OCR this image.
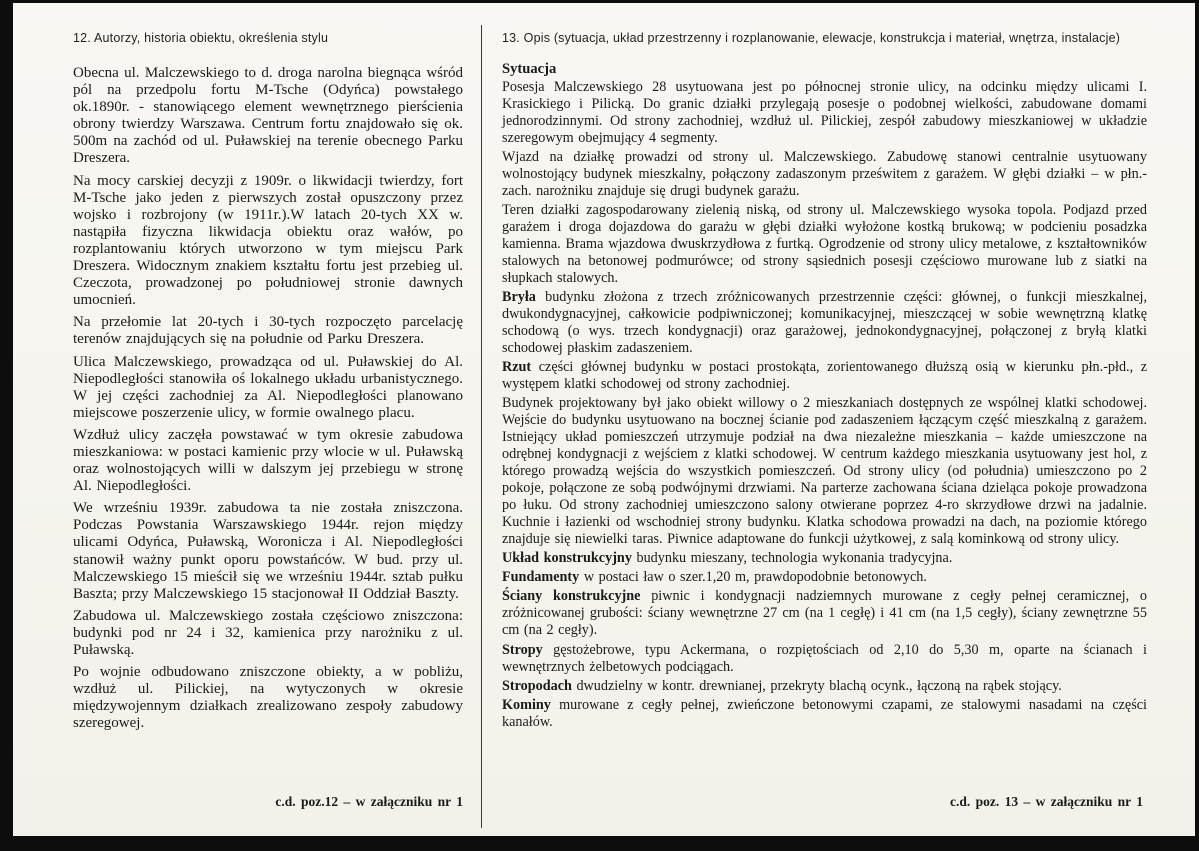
12. Autorzy, historia obiektu, określenia stylu

Obecna ul. Malczewskiego to d. droga narolna biegnąca wśród pól na przedpolu fortu M-Tsche (Odyńca) powstałego ok.1890r. - stanowiącego element wewnętrznego pierścienia obrony twierdzy Warszawa. Centrum fortu znajdowało się ok. 500m na zachód od ul. Puławskiej na terenie obecnego Parku Dreszera.

Na mocy carskiej decyzji z 1909r. o likwidacji twierdzy, fort M-Tsche jako jeden z pierwszych został opuszczony przez wojsko i rozbrojony (w 1911r.).W latach 20-tych XX w. nastąpiła fizyczna likwidacja obiektu oraz wałów, po rozplantowaniu których utworzono w tym miejscu Park Dreszera. Widocznym znakiem kształtu fortu jest przebieg ul. Czeczota, prowadzonej po południowej stronie dawnych umocnień.

Na przełomie lat 20-tych i 30-tych rozpoczęto parcelację terenów znajdujących się na południe od Parku Dreszera.

Ulica Malczewskiego, prowadząca od ul. Puławskiej do Al. Niepodległości stanowiła oś lokalnego układu urbanistycznego. W jej części zachodniej za Al. Niepodległości planowano miejscowe poszerzenie ulicy, w formie owalnego placu.

Wzdłuż ulicy zaczęła powstawać w tym okresie zabudowa mieszkaniowa: w postaci kamienic przy wlocie w ul. Puławską oraz wolnostojących willi w dalszym jej przebiegu w stronę Al. Niepodległości.

We wrześniu 1939r. zabudowa ta nie została zniszczona. Podczas Powstania Warszawskiego 1944r. rejon między ulicami Odyńca, Puławską, Woronicza i Al. Niepodległości stanowił ważny punkt oporu powstańców. W bud. przy ul. Malczewskiego 15 mieścił się we wrześniu 1944r. sztab pułku Baszta; przy Malczewskiego 15 stacjonował II Oddział Baszty.

Zabudowa ul. Malczewskiego została częściowo zniszczona: budynki pod nr 24 i 32, kamienica przy narożniku z ul. Puławską.

Po wojnie odbudowano zniszczone obiekty, a w pobliżu, wzdłuż ul. Pilickiej, na wytyczonych w okresie międzywojennym działkach zrealizowano zespoły zabudowy szeregowej.

c.d. poz.12 – w załączniku nr 1

13. Opis (sytuacja, układ przestrzenny i rozplanowanie, elewacje, konstrukcja i materiał, wnętrza, instalacje)

Sytuacja

Posesja Malczewskiego 28 usytuowana jest po północnej stronie ulicy, na odcinku między ulicami I. Krasickiego i Pilicką. Do granic działki przylegają posesje o podobnej wielkości, zabudowane domami jednorodzinnymi. Od strony zachodniej, wzdłuż ul. Pilickiej, zespół zabudowy mieszkaniowej w układzie szeregowym obejmujący 4 segmenty.

Wjazd na działkę prowadzi od strony ul. Malczewskiego. Zabudowę stanowi centralnie usytuowany wolnostojący budynek mieszkalny, połączony zadaszonym prześwitem z garażem. W głębi działki – w płn.-zach. narożniku znajduje się drugi budynek garażu.

Teren działki zagospodarowany zielenią niską, od strony ul. Malczewskiego wysoka topola. Podjazd przed garażem i droga dojazdowa do garażu w głębi działki wyłożone kostką brukową; w podcieniu posadzka kamienna. Brama wjazdowa dwuskrzydłowa z furtką. Ogrodzenie od strony ulicy metalowe, z kształtowników stalowych na betonowej podmurówce; od strony sąsiednich posesji częściowo murowane lub z siatki na słupkach stalowych.

Bryła budynku złożona z trzech zróżnicowanych przestrzennie części: głównej, o funkcji mieszkalnej, dwukondygnacyjnej, całkowicie podpiwniczonej; komunikacyjnej, mieszczącej w sobie wewnętrzną klatkę schodową (o wys. trzech kondygnacji) oraz garażowej, jednokondygnacyjnej, połączonej z bryłą klatki schodowej płaskim zadaszeniem.

Rzut części głównej budynku w postaci prostokąta, zorientowanego dłuższą osią w kierunku płn.-płd., z występem klatki schodowej od strony zachodniej.

Budynek projektowany był jako obiekt willowy o 2 mieszkaniach dostępnych ze wspólnej klatki schodowej. Wejście do budynku usytuowano na bocznej ścianie pod zadaszeniem łączącym część mieszkalną z garażem. Istniejący układ pomieszczeń utrzymuje podział na dwa niezależne mieszkania – każde umieszczone na odrębnej kondygnacji z wejściem z klatki schodowej. W centrum każdego mieszkania usytuowany jest hol, z którego prowadzą wejścia do wszystkich pomieszczeń. Od strony ulicy (od południa) umieszczono po 2 pokoje, połączone ze sobą podwójnymi drzwiami. Na parterze zachowana ściana dzieląca pokoje prowadzona po łuku. Od strony zachodniej umieszczono salony otwierane poprzez 4-ro skrzydłowe drzwi na jadalnie. Kuchnie i łazienki od wschodniej strony budynku. Klatka schodowa prowadzi na dach, na poziomie którego znajduje się niewielki taras. Piwnice adaptowane do funkcji użytkowej, z salą kominkową od strony ulicy.

Układ konstrukcyjny budynku mieszany, technologia wykonania tradycyjna.

Fundamenty w postaci ław o szer.1,20 m, prawdopodobnie betonowych.

Ściany konstrukcyjne piwnic i kondygnacji nadziemnych murowane z cegły pełnej ceramicznej, o zróżnicowanej grubości: ściany wewnętrzne 27 cm (na 1 cegłę) i 41 cm (na 1,5 cegły), ściany zewnętrzne 55 cm (na 2 cegły).

Stropy gęstożebrowe, typu Ackermana, o rozpiętościach od 2,10 do 5,30 m, oparte na ścianach i wewnętrznych żelbetowych podciągach.

Stropodach dwudzielny w kontr. drewnianej, przekryty blachą ocynk., łączoną na rąbek stojący.

Kominy murowane z cegły pełnej, zwieńczone betonowymi czapami, ze stalowymi nasadami na części kanałów.

c.d. poz. 13 – w załączniku nr 1
